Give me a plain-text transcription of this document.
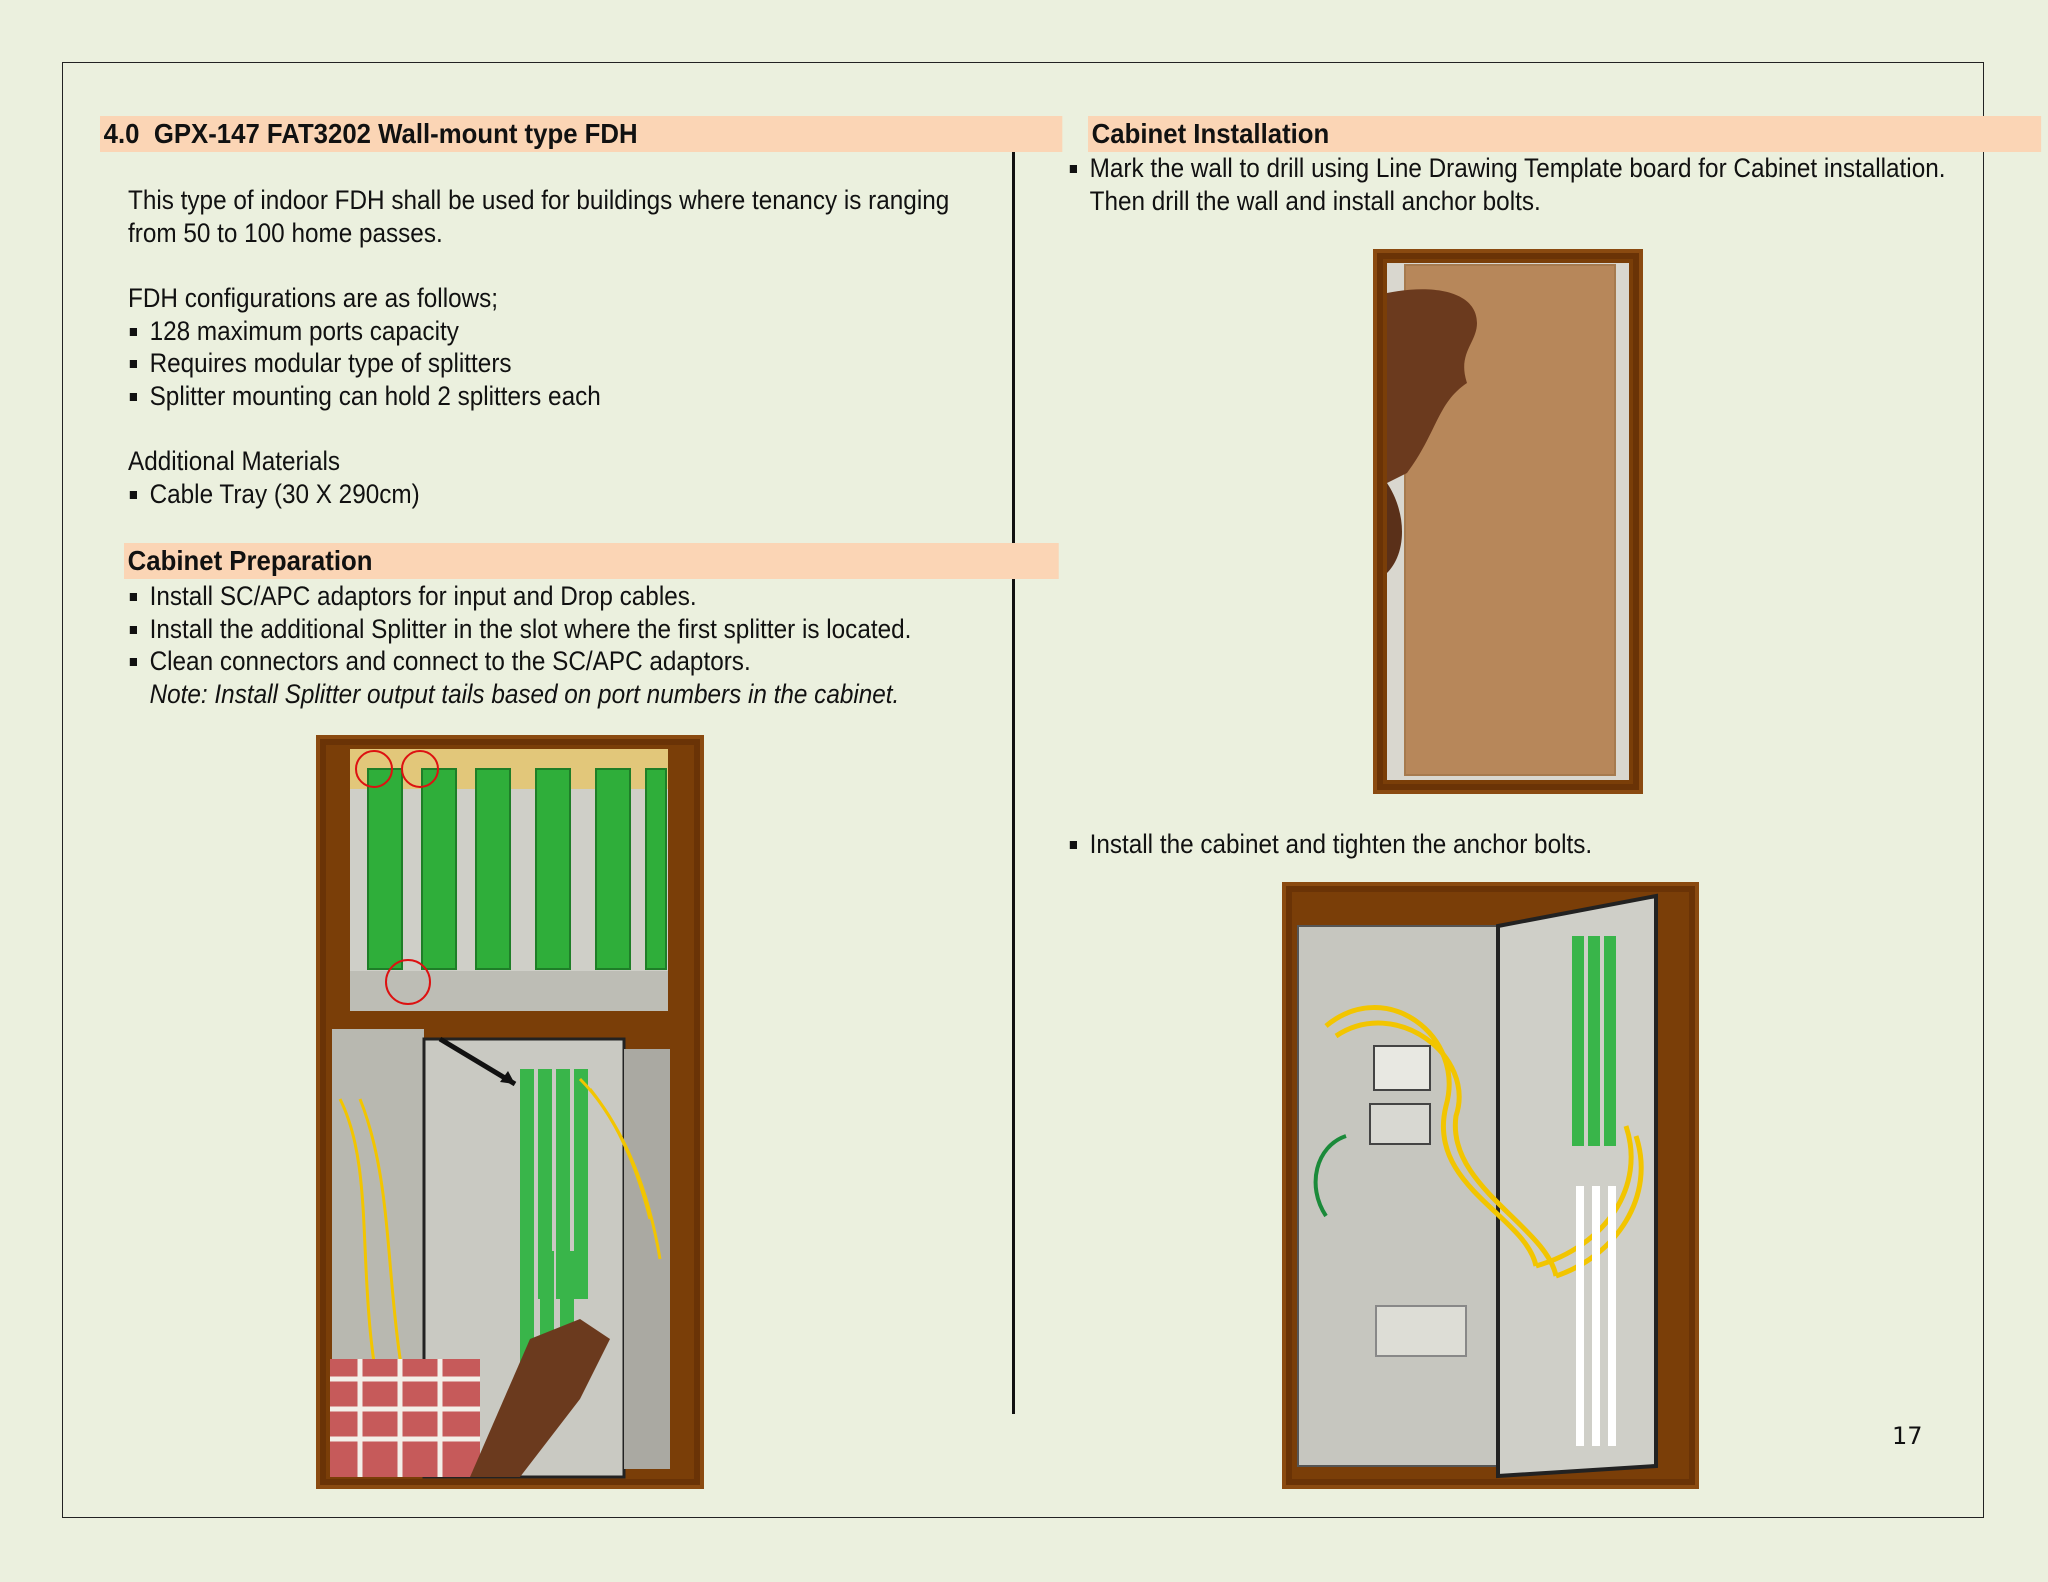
4.0 GPX-147 FAT3202 Wall-mount type FDH
This type of indoor FDH shall be used for buildings where tenancy is ranging
from 50 to 100 home passes.
FDH configurations are as follows;
128 maximum ports capacity
Requires modular type of splitters
Splitter mounting can hold 2 splitters each
Additional Materials
Cable Tray (30 X 290cm)
Cabinet Preparation
Install SC/APC adaptors for input and Drop cables.
Install the additional Splitter in the slot where the first splitter is located.
Clean connectors and connect to the SC/APC adaptors.
Note: Install Splitter output tails based on port numbers in the cabinet.
Cabinet Installation
Mark the wall to drill using Line Drawing Template board for Cabinet installation.
Then drill the wall and install anchor bolts.
Install the cabinet and tighten the anchor bolts.
17
